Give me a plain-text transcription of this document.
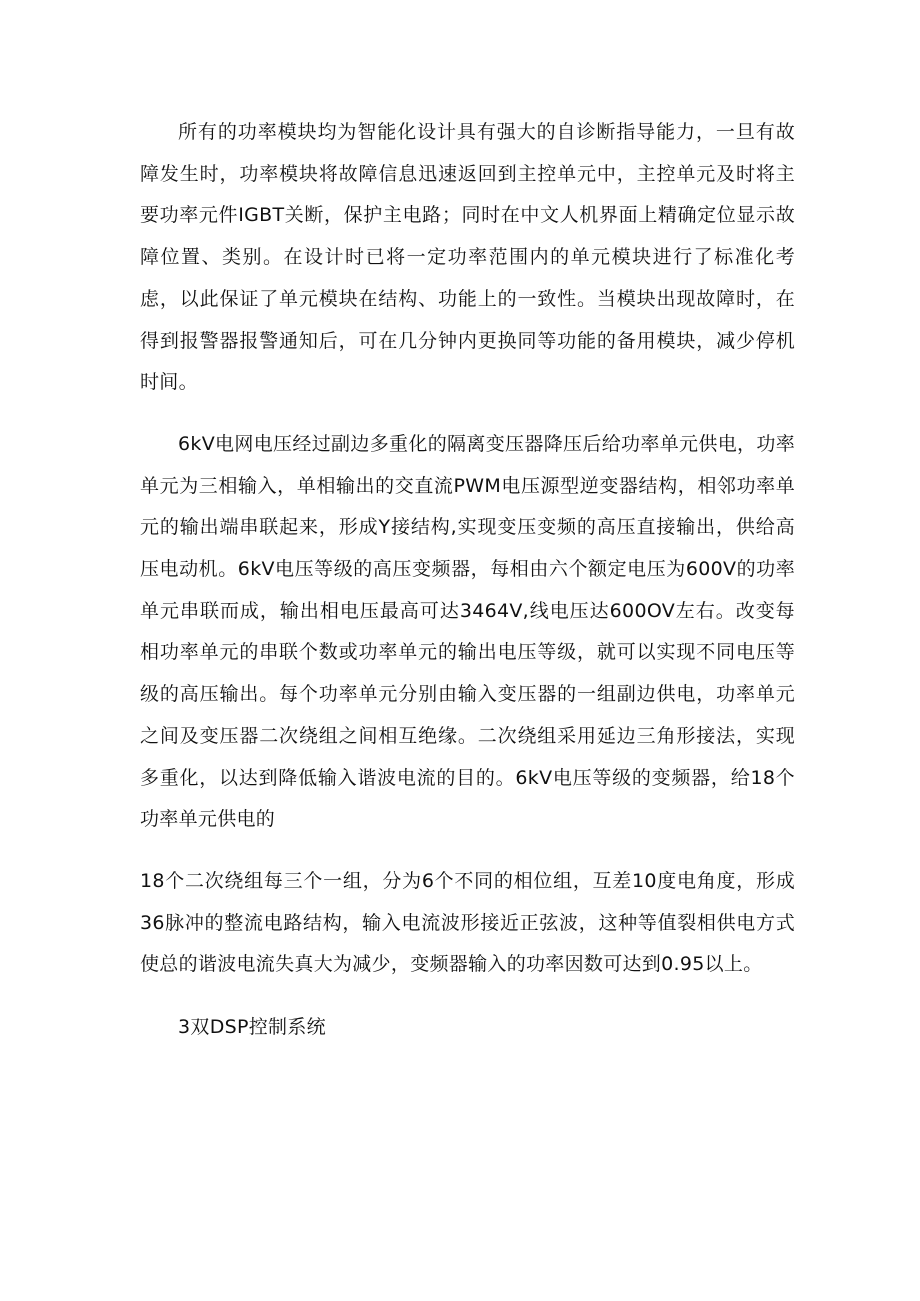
所有的功率模块均为智能化设计具有强大的自诊断指导能力，一旦有故障发生时，功率模块将故障信息迅速返回到主控单元中，主控单元及时将主要功率元件IGBT关断，保护主电路；同时在中文人机界面上精确定位显示故障位置、类别。在设计时已将一定功率范围内的单元模块进行了标准化考虑，以此保证了单元模块在结构、功能上的一致性。当模块出现故障时，在得到报警器报警通知后，可在几分钟内更换同等功能的备用模块，减少停机时间。

6kV电网电压经过副边多重化的隔离变压器降压后给功率单元供电，功率单元为三相输入，单相输出的交直流PWM电压源型逆变器结构，相邻功率单元的输出端串联起来，形成Y接结构,实现变压变频的高压直接输出，供给高压电动机。6kV电压等级的高压变频器，每相由六个额定电压为600V的功率单元串联而成，输出相电压最高可达3464V,线电压达600OV左右。改变每相功率单元的串联个数或功率单元的输出电压等级，就可以实现不同电压等级的高压输出。每个功率单元分别由输入变压器的一组副边供电，功率单元之间及变压器二次绕组之间相互绝缘。二次绕组采用延边三角形接法，实现多重化，以达到降低输入谐波电流的目的。6kV电压等级的变频器，给18个功率单元供电的

18个二次绕组每三个一组，分为6个不同的相位组，互差10度电角度，形成36脉冲的整流电路结构，输入电流波形接近正弦波，这种等值裂相供电方式使总的谐波电流失真大为减少，变频器输入的功率因数可达到0.95以上。

3双DSP控制系统
